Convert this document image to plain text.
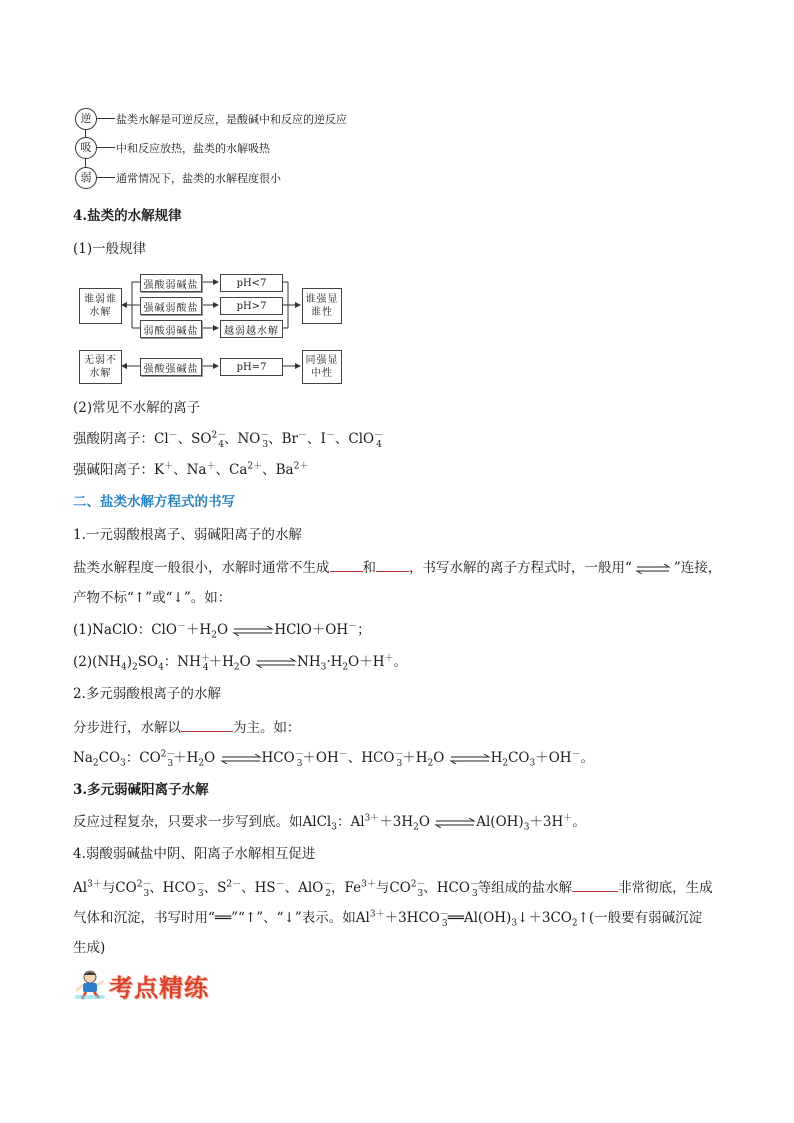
逆	盐类水解是可逆反应，是酸碱中和反应的逆反应
吸	中和反应放热，盐类的水解吸热
弱	通常情况下，盐类的水解程度很小
4.盐类的水解规律
(1)一般规律
谁弱谁
水解
无弱不
水解
强酸弱碱盐
强碱弱酸盐
弱酸弱碱盐
强酸强碱盐
pH<7
pH>7
越弱越水解
pH=7
谁强显
谁性
同强显
中性
(2)常见不水解的离子
强酸阴离子：Cl－、$SO^{2-}_4$、$NO^-_3$、Br－、I－、ClO－$_4$
强碱阳离子：K＋、Na＋、$Ca^{2+}$、$Ba^{2+}$
二、盐类水解方程式的书写
1.一元弱酸根离子、弱碱阳离子的水解
盐类水解程度一般很小，水解时通常不生成 和 ，书写水解的离子方程式时，一般用“⇌”连接，
产物不标“↑”或“↓”。如：
(1)NaClO：$ClO^-+H_2O$ ⇌HClO＋OH－；
$(2)(NH_4)_2SO_4$：$NH^+_4+H_2O$ $\rightleftharpoons NH_3\cdot H_2O+H^+$。
2.多元弱酸根离子的水解
分步进行，水解以	为主。如：
$Na_2CO_3$：$CO^{2-}_3+H_2O$ $\rightleftharpoons HCO^-_3+OH^-$、$HCO^-_3+H_2O$ $\rightleftharpoons H_2CO_3+OH^-$。
3.多元弱碱阳离子水解
反应过程复杂，只要求一步写到底。如AlCl$_3$：$Al^{3+}+3H_2O$ $\rightleftharpoons Al(OH)_3+3H^+$。
4.弱酸弱碱盐中阴、阳离子水解相互促进
$Al^{3+}$与$CO^{2-}_3$、$HCO^-_3$、$S^{2-}$、HS－、AlO－$_2$，$Fe^{3+}$与$CO^{2-}_3$、$HCO^-_3$等组成的盐水解	非常彻底，生成
气体和沉淀，书写时用“══”“↑”、“↓”表示。如$Al^{3+}+3HCO^-_3══Al(OH)_3↓+3CO_2↑$(一般要有弱碱沉淀
生成)
考点精练
